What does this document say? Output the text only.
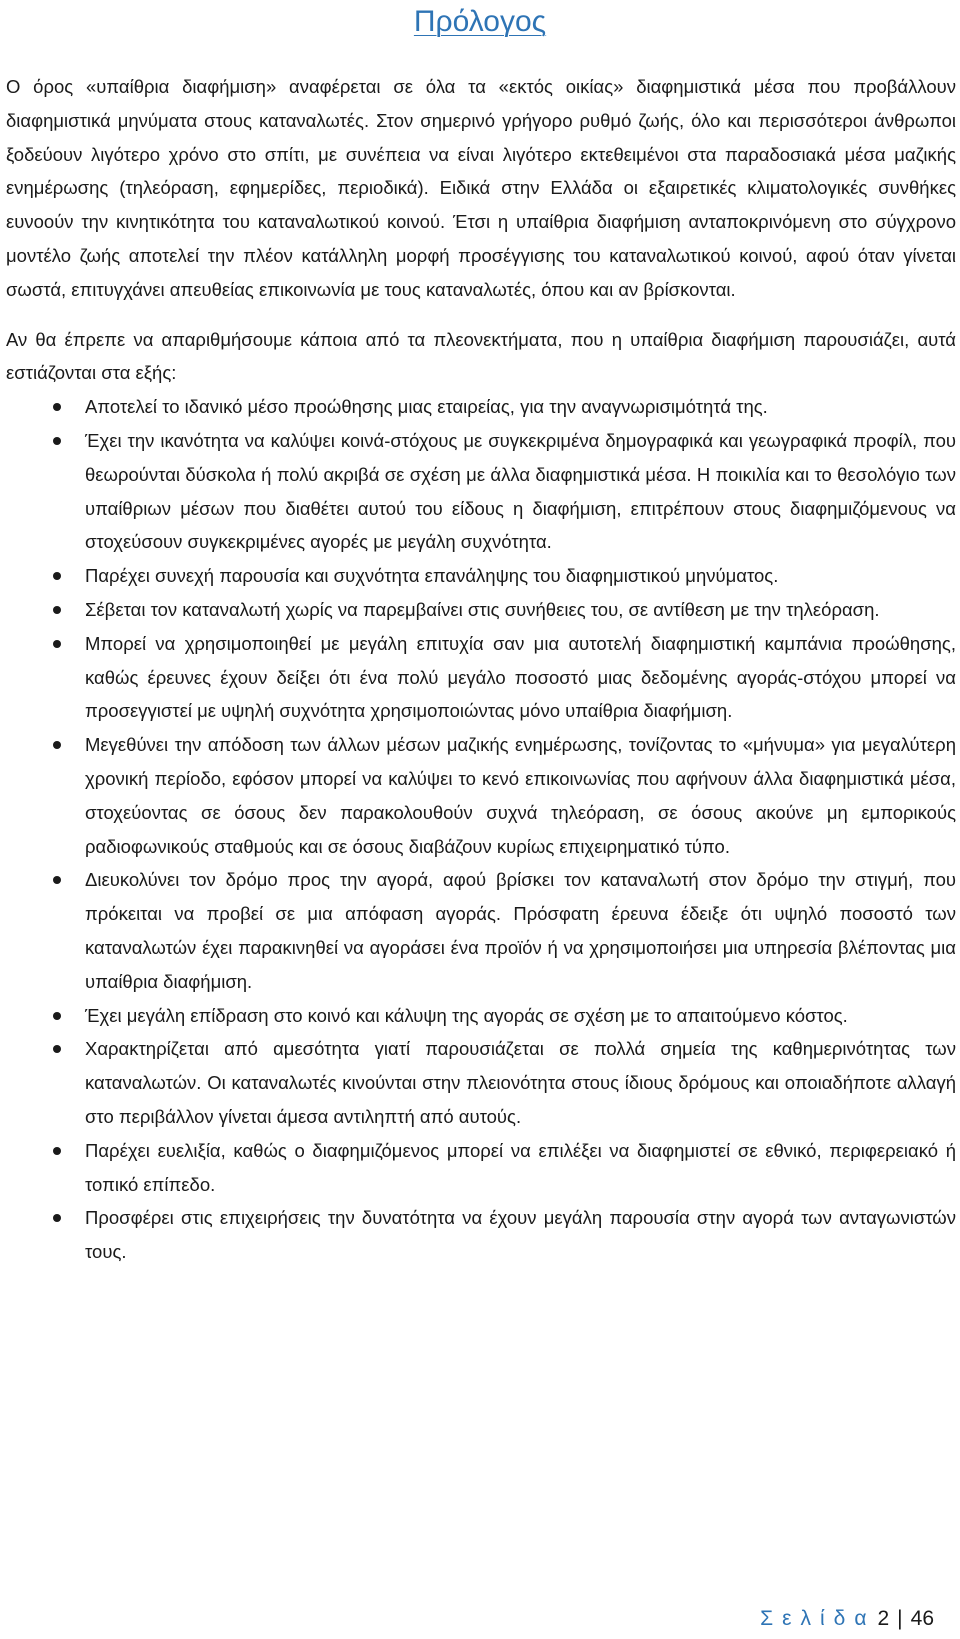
Πρόλογος

Ο όρος «υπαίθρια διαφήμιση» αναφέρεται σε όλα τα «εκτός οικίας» διαφημιστικά μέσα που προβάλλουν διαφημιστικά μηνύματα στους καταναλωτές. Στον σημερινό γρήγορο ρυθμό ζωής, όλο και περισσότεροι άνθρωποι ξοδεύουν λιγότερο χρόνο στο σπίτι, με συνέπεια να είναι λιγότερο εκτεθειμένοι στα παραδοσιακά μέσα μαζικής ενημέρωσης (τηλεόραση, εφημερίδες, περιοδικά). Ειδικά στην Ελλάδα οι εξαιρετικές κλιματολογικές συνθήκες ευνοούν την κινητικότητα του καταναλωτικού κοινού. Έτσι η υπαίθρια διαφήμιση ανταποκρινόμενη στο σύγχρονο μοντέλο ζωής αποτελεί την πλέον κατάλληλη μορφή προσέγγισης του καταναλωτικού κοινού, αφού όταν γίνεται σωστά, επιτυγχάνει απευθείας επικοινωνία με τους καταναλωτές, όπου και αν βρίσκονται.

Αν θα έπρεπε να απαριθμήσουμε κάποια από τα πλεονεκτήματα, που η υπαίθρια διαφήμιση παρουσιάζει, αυτά εστιάζονται στα εξής:

Αποτελεί το ιδανικό μέσο προώθησης μιας εταιρείας, για την αναγνωρισιμότητά της.
Έχει την ικανότητα να καλύψει κοινά-στόχους με συγκεκριμένα δημογραφικά και γεωγραφικά προφίλ, που θεωρούνται δύσκολα ή πολύ ακριβά σε σχέση με άλλα διαφημιστικά μέσα. Η ποικιλία και το θεσολόγιο των υπαίθριων μέσων που διαθέτει αυτού του είδους η διαφήμιση, επιτρέπουν στους διαφημιζόμενους να στοχεύσουν συγκεκριμένες αγορές με μεγάλη συχνότητα.
Παρέχει συνεχή παρουσία και συχνότητα επανάληψης του διαφημιστικού μηνύματος.
Σέβεται τον καταναλωτή χωρίς να παρεμβαίνει στις συνήθειες του, σε αντίθεση με την τηλεόραση.
Μπορεί να χρησιμοποιηθεί με μεγάλη επιτυχία σαν μια αυτοτελή διαφημιστική καμπάνια προώθησης, καθώς έρευνες έχουν δείξει ότι ένα πολύ μεγάλο ποσοστό μιας δεδομένης αγοράς-στόχου μπορεί να προσεγγιστεί με υψηλή συχνότητα χρησιμοποιώντας μόνο υπαίθρια διαφήμιση.
Μεγεθύνει την απόδοση των άλλων μέσων μαζικής ενημέρωσης, τονίζοντας το «μήνυμα» για μεγαλύτερη χρονική περίοδο, εφόσον μπορεί να καλύψει το κενό επικοινωνίας που αφήνουν άλλα διαφημιστικά μέσα, στοχεύοντας σε όσους δεν παρακολουθούν συχνά τηλεόραση, σε όσους ακούνε μη εμπορικούς ραδιοφωνικούς σταθμούς και σε όσους διαβάζουν κυρίως επιχειρηματικό τύπο.
Διευκολύνει τον δρόμο προς την αγορά, αφού βρίσκει τον καταναλωτή στον δρόμο την στιγμή, που πρόκειται να προβεί σε μια απόφαση αγοράς. Πρόσφατη έρευνα έδειξε ότι υψηλό ποσοστό των καταναλωτών έχει παρακινηθεί να αγοράσει ένα προϊόν ή να χρησιμοποιήσει μια υπηρεσία βλέποντας μια υπαίθρια διαφήμιση.
Έχει μεγάλη επίδραση στο κοινό και κάλυψη της αγοράς σε σχέση με το απαιτούμενο κόστος.
Χαρακτηρίζεται από αμεσότητα γιατί παρουσιάζεται σε πολλά σημεία της καθημερινότητας των καταναλωτών. Οι καταναλωτές κινούνται στην πλειονότητα στους ίδιους δρόμους και οποιαδήποτε αλλαγή στο περιβάλλον γίνεται άμεσα αντιληπτή από αυτούς.
Παρέχει ευελιξία, καθώς ο διαφημιζόμενος μπορεί να επιλέξει να διαφημιστεί σε εθνικό, περιφερειακό ή τοπικό επίπεδο.
Προσφέρει στις επιχειρήσεις την δυνατότητα να έχουν μεγάλη παρουσία στην αγορά των ανταγωνιστών τους.
Σελίδα2 | 46
